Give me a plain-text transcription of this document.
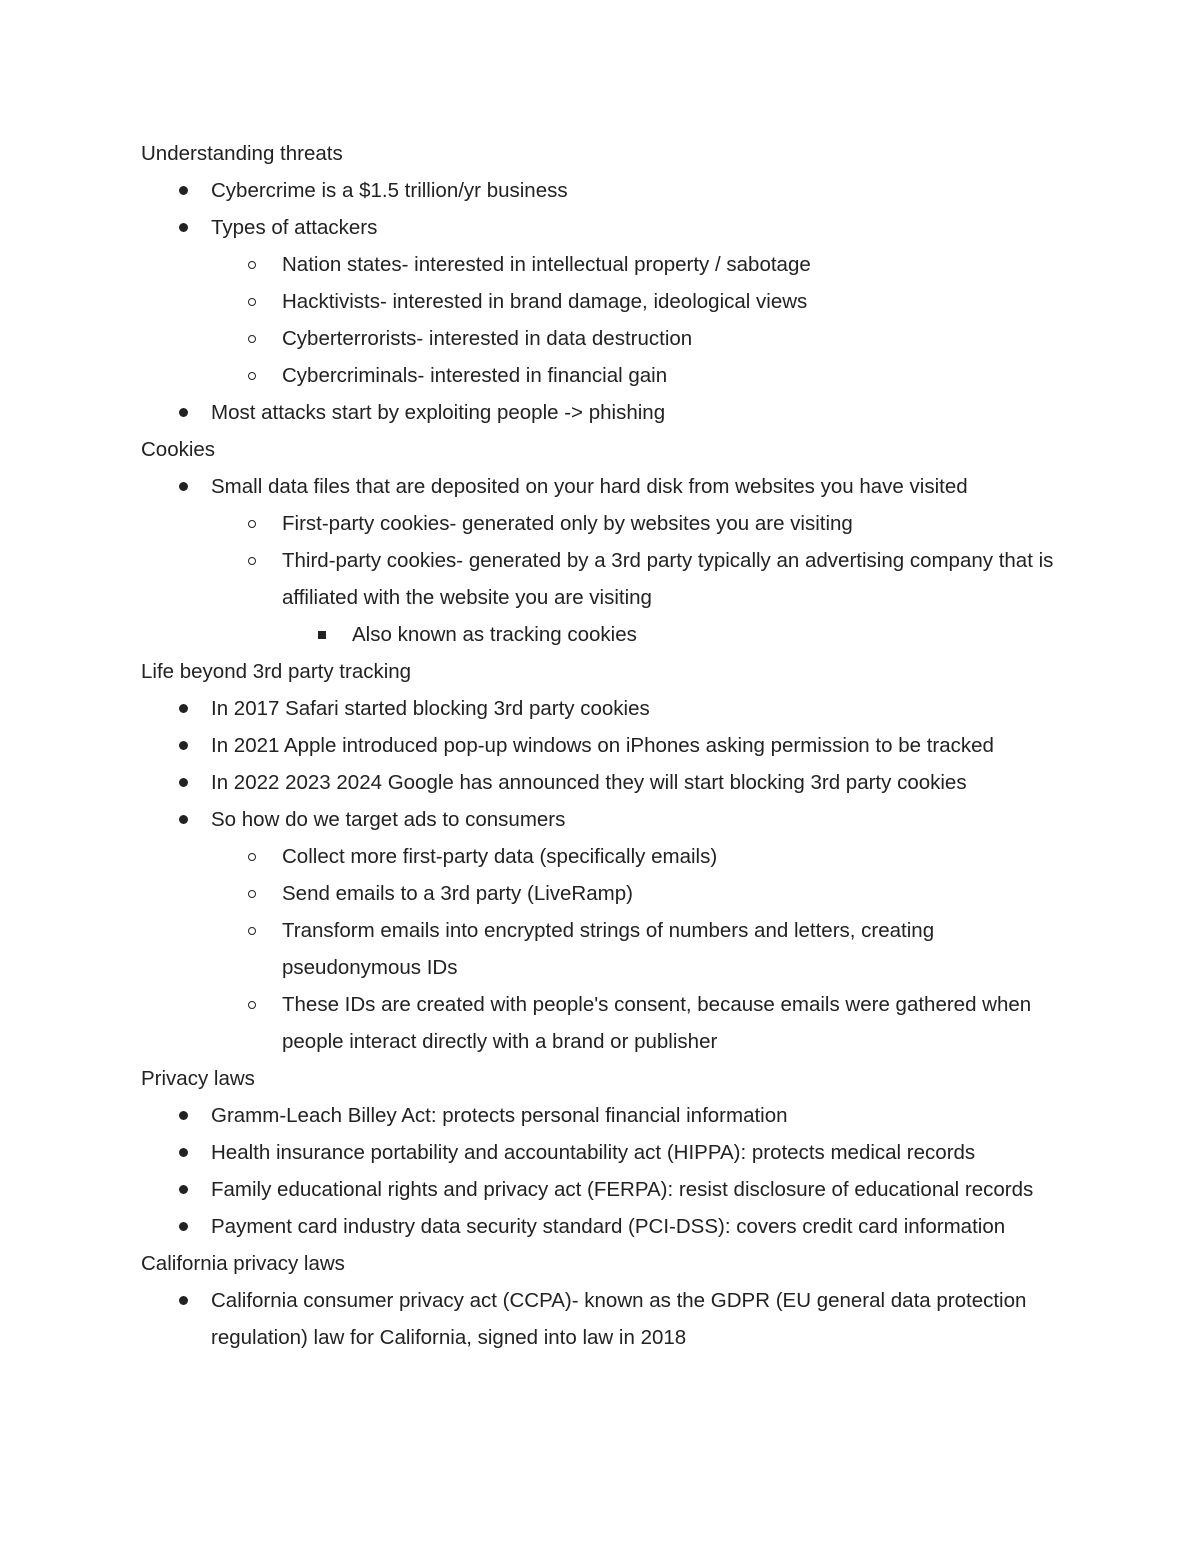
Understanding threats
Cybercrime is a $1.5 trillion/yr business
Types of attackers
Nation states- interested in intellectual property / sabotage
Hacktivists- interested in brand damage, ideological views
Cyberterrorists- interested in data destruction
Cybercriminals- interested in financial gain
Most attacks start by exploiting people -> phishing
Cookies
Small data files that are deposited on your hard disk from websites you have visited
First-party cookies- generated only by websites you are visiting
Third-party cookies- generated by a 3rd party typically an advertising company that is affiliated with the website you are visiting
Also known as tracking cookies
Life beyond 3rd party tracking
In 2017 Safari started blocking 3rd party cookies
In 2021 Apple introduced pop-up windows on iPhones asking permission to be tracked
In 2022 2023 2024 Google has announced they will start blocking 3rd party cookies
So how do we target ads to consumers
Collect more first-party data (specifically emails)
Send emails to a 3rd party (LiveRamp)
Transform emails into encrypted strings of numbers and letters, creating pseudonymous IDs
These IDs are created with people's consent, because emails were gathered when people interact directly with a brand or publisher
Privacy laws
Gramm-Leach Billey Act: protects personal financial information
Health insurance portability and accountability act (HIPPA): protects medical records
Family educational rights and privacy act (FERPA): resist disclosure of educational records
Payment card industry data security standard (PCI-DSS): covers credit card information
California privacy laws
California consumer privacy act (CCPA)- known as the GDPR (EU general data protection regulation) law for California, signed into law in 2018
